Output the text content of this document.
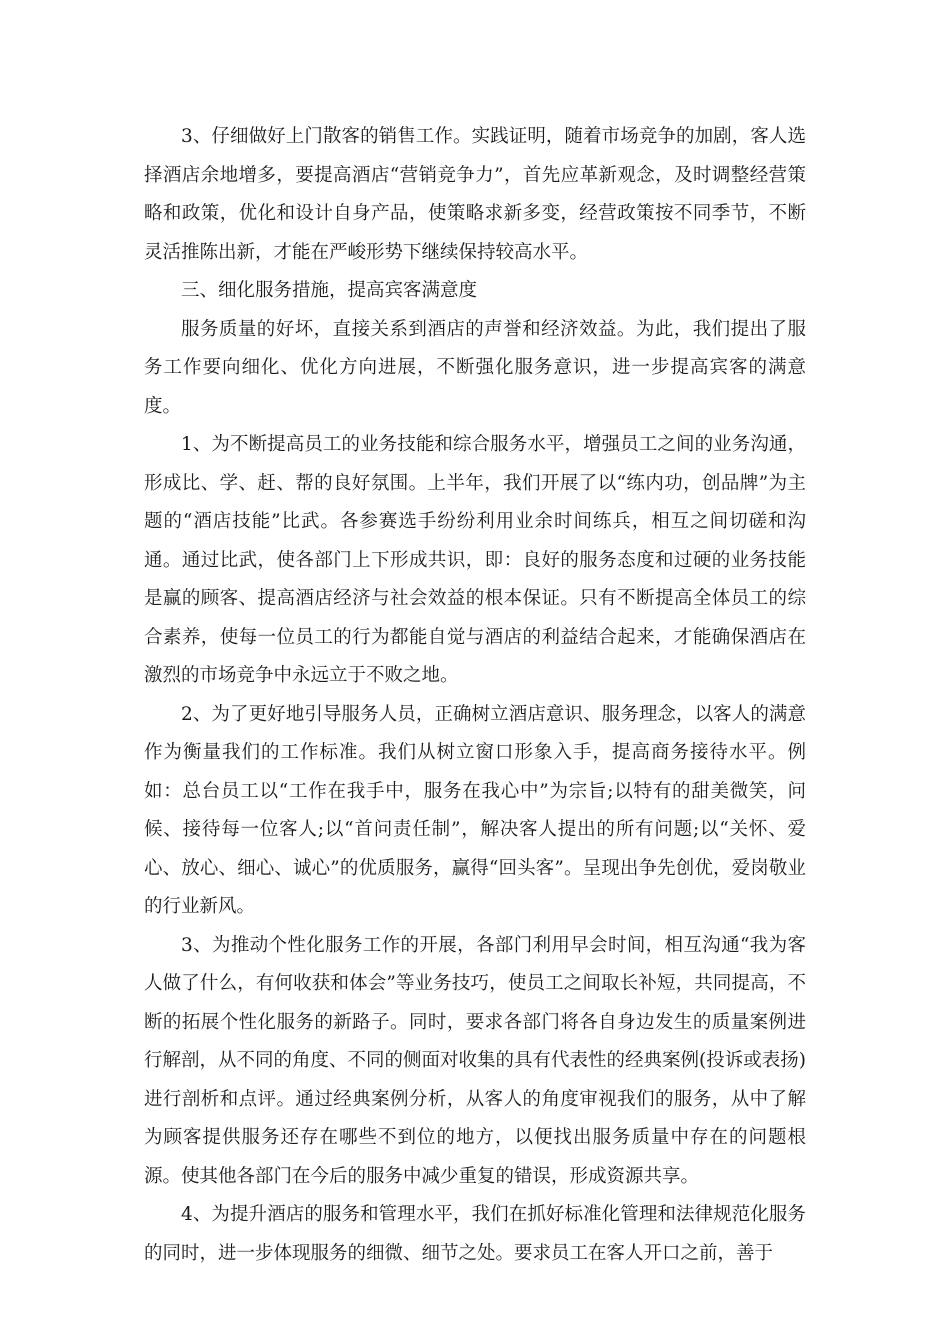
3、仔细做好上门散客的销售工作。实践证明，随着市场竞争的加剧，客人选择酒店余地增多，要提高酒店“营销竞争力”，首先应革新观念，及时调整经营策略和政策，优化和设计自身产品，使策略求新多变，经营政策按不同季节，不断灵活推陈出新，才能在严峻形势下继续保持较高水平。

三、细化服务措施，提高宾客满意度

服务质量的好坏，直接关系到酒店的声誉和经济效益。为此，我们提出了服务工作要向细化、优化方向进展，不断强化服务意识，进一步提高宾客的满意度。

1、为不断提高员工的业务技能和综合服务水平，增强员工之间的业务沟通，形成比、学、赶、帮的良好氛围。上半年，我们开展了以“练内功，创品牌”为主题的“酒店技能”比武。各参赛选手纷纷利用业余时间练兵，相互之间切磋和沟通。通过比武，使各部门上下形成共识，即：良好的服务态度和过硬的业务技能是赢的顾客、提高酒店经济与社会效益的根本保证。只有不断提高全体员工的综合素养，使每一位员工的行为都能自觉与酒店的利益结合起来，才能确保酒店在激烈的市场竞争中永远立于不败之地。

2、为了更好地引导服务人员，正确树立酒店意识、服务理念，以客人的满意作为衡量我们的工作标准。我们从树立窗口形象入手，提高商务接待水平。例如：总台员工以“工作在我手中，服务在我心中”为宗旨;以特有的甜美微笑，问候、接待每一位客人;以“首问责任制”，解决客人提出的所有问题;以“关怀、爱心、放心、细心、诚心”的优质服务，赢得“回头客”。呈现出争先创优，爱岗敬业的行业新风。

3、为推动个性化服务工作的开展，各部门利用早会时间，相互沟通“我为客人做了什么，有何收获和体会”等业务技巧，使员工之间取长补短，共同提高，不断的拓展个性化服务的新路子。同时，要求各部门将各自身边发生的质量案例进行解剖，从不同的角度、不同的侧面对收集的具有代表性的经典案例(投诉或表扬)进行剖析和点评。通过经典案例分析，从客人的角度审视我们的服务，从中了解为顾客提供服务还存在哪些不到位的地方，以便找出服务质量中存在的问题根源。使其他各部门在今后的服务中减少重复的错误，形成资源共享。

4、为提升酒店的服务和管理水平，我们在抓好标准化管理和法律规范化服务的同时，进一步体现服务的细微、细节之处。要求员工在客人开口之前，善于
